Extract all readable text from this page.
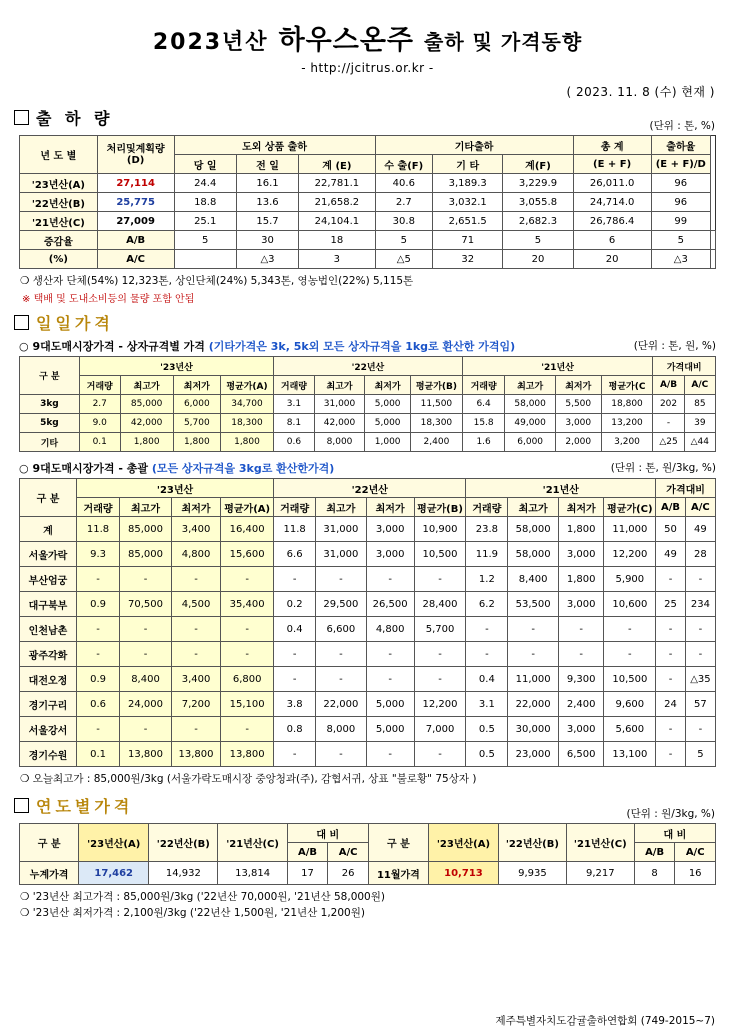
2023년산 하우스온주 출하 및 가격동향
- http://jcitrus.or.kr -
( 2023. 11. 8 (수) 현재 )
출 하 량	(단위 : 톤, %)
년 도 별	처리및계획량
(D)	도외 상품 출하			기타출하			총 계	출하율	
		당 일	전 일	계 (E)	수 출(F)	기 타	계(F)	(E + F)	(E + F)/D	
'23년산(A)	27,114	24.4	16.1	22,781.1	40.6	3,189.3	3,229.9	26,011.0	96	
'22년산(B)	25,775	18.8	13.6	21,658.2	2.7	3,032.1	3,055.8	24,714.0	96	
'21년산(C)	27,009	25.1	15.7	24,104.1	30.8	2,651.5	2,682.3	26,786.4	99	
증감율	A/B	5	30	18	5	71	5	6	5	
(%)	A/C		△3	3	△5	32	20	20	△3	
❍ 생산자 단체(54%) 12,323톤, 상인단체(24%) 5,343톤, 영농법인(22%) 5,115톤
※ 택배 및 도내소비등의 물량 포함 안됨
일일가격
○ 9대도매시장가격 - 상자규격별 가격 (기타가격은 3k, 5k외 모든 상자규격을 1kg로 환산한 가격임)	(단위 : 톤, 원, %)
구 분	'23년산				'22년산				'21년산				가격대비	
	거래량	최고가	최저가	평균가(A)	거래량	최고가	최저가	평균가(B)	거래량	최고가	최저가	평균가(C	A/B	A/C
3kg	2.7	85,000	6,000	34,700	3.1	31,000	5,000	11,500	6.4	58,000	5,500	18,800	202	85
5kg	9.0	42,000	5,700	18,300	8.1	42,000	5,000	18,300	15.8	49,000	3,000	13,200	-	39
기타	0.1	1,800	1,800	1,800	0.6	8,000	1,000	2,400	1.6	6,000	2,000	3,200	△25	△44
○ 9대도매시장가격 - 총괄 (모든 상자규격을 3kg로 환산한가격)	(단위 : 톤, 원/3kg, %)
구 분	'23년산				'22년산				'21년산				가격대비	
	거래량	최고가	최저가	평균가(A)	거래량	최고가	최저가	평균가(B)	거래량	최고가	최저가	평균가(C)	A/B	A/C
계	11.8	85,000	3,400	16,400	11.8	31,000	3,000	10,900	23.8	58,000	1,800	11,000	50	49
서울가락	9.3	85,000	4,800	15,600	6.6	31,000	3,000	10,500	11.9	58,000	3,000	12,200	49	28
부산엄궁	-	-	-	-	-	-	-	-	1.2	8,400	1,800	5,900	-	-
대구북부	0.9	70,500	4,500	35,400	0.2	29,500	26,500	28,400	6.2	53,500	3,000	10,600	25	234
인천남촌	-	-	-	-	0.4	6,600	4,800	5,700	-	-	-	-	-	-
광주각화	-	-	-	-	-	-	-	-	-	-	-	-	-	-
대전오정	0.9	8,400	3,400	6,800	-	-	-	-	0.4	11,000	9,300	10,500	-	△35
경기구리	0.6	24,000	7,200	15,100	3.8	22,000	5,000	12,200	3.1	22,000	2,400	9,600	24	57
서울강서	-	-	-	-	0.8	8,000	5,000	7,000	0.5	30,000	3,000	5,600	-	-
경기수원	0.1	13,800	13,800	13,800	-	-	-	-	0.5	23,000	6,500	13,100	-	5
❍ 오늘최고가 : 85,000원/3kg (서울가락도매시장 중앙청과(주), 감협서귀, 상표 "불로황" 75상자 )
연도별가격	(단위 : 원/3kg, %)
구 분	'23년산(A)	'22년산(B)	'21년산(C)	대 비		구 분	'23년산(A)	'22년산(B)	'21년산(C)	대 비	
				A/B	A/C					A/B	A/C
누계가격	17,462	14,932	13,814	17	26	11월가격	10,713	9,935	9,217	8	16
❍ '23년산 최고가격 : 85,000원/3kg ('22년산 70,000원, '21년산 58,000원)
❍ '23년산 최저가격 : 2,100원/3kg ('22년산 1,500원, '21년산 1,200원)
제주특별자치도감귤출하연합회 (749-2015~7)
